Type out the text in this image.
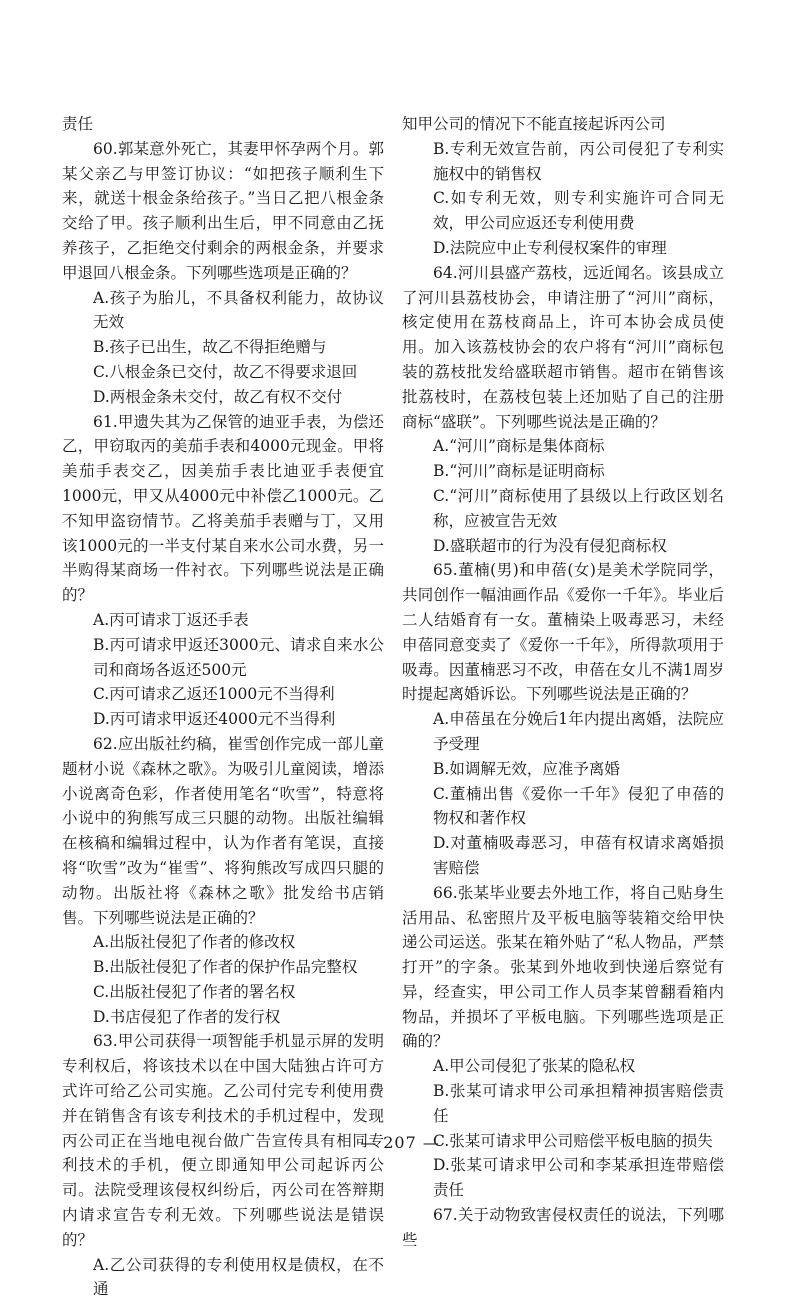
责任

60.郭某意外死亡，其妻甲怀孕两个月。郭某父亲乙与甲签订协议：“如把孩子顺利生下来，就送十根金条给孩子。”当日乙把八根金条交给了甲。孩子顺利出生后，甲不同意由乙抚养孩子，乙拒绝交付剩余的两根金条，并要求甲退回八根金条。下列哪些选项是正确的？

A.孩子为胎儿，不具备权利能力，故协议无效

B.孩子已出生，故乙不得拒绝赠与

C.八根金条已交付，故乙不得要求退回

D.两根金条未交付，故乙有权不交付

61.甲遗失其为乙保管的迪亚手表，为偿还乙，甲窃取丙的美茄手表和4000元现金。甲将美茄手表交乙，因美茄手表比迪亚手表便宜1000元，甲又从4000元中补偿乙1000元。乙不知甲盗窃情节。乙将美茄手表赠与丁，又用该1000元的一半支付某自来水公司水费，另一半购得某商场一件衬衣。下列哪些说法是正确的？

A.丙可请求丁返还手表

B.丙可请求甲返还3000元、请求自来水公司和商场各返还500元

C.丙可请求乙返还1000元不当得利

D.丙可请求甲返还4000元不当得利

62.应出版社约稿，崔雪创作完成一部儿童题材小说《森林之歌》。为吸引儿童阅读，增添小说离奇色彩，作者使用笔名“吹雪”，特意将小说中的狗熊写成三只腿的动物。出版社编辑在核稿和编辑过程中，认为作者有笔误，直接将“吹雪”改为“崔雪”、将狗熊改写成四只腿的动物。出版社将《森林之歌》批发给书店销售。下列哪些说法是正确的？

A.出版社侵犯了作者的修改权

B.出版社侵犯了作者的保护作品完整权

C.出版社侵犯了作者的署名权

D.书店侵犯了作者的发行权

63.甲公司获得一项智能手机显示屏的发明专利权后，将该技术以在中国大陆独占许可方式许可给乙公司实施。乙公司付完专利使用费并在销售含有该专利技术的手机过程中，发现丙公司正在当地电视台做广告宣传具有相同专利技术的手机，便立即通知甲公司起诉丙公司。法院受理该侵权纠纷后，丙公司在答辩期内请求宣告专利无效。下列哪些说法是错误的？

A.乙公司获得的专利使用权是债权，在不通

知甲公司的情况下不能直接起诉丙公司

B.专利无效宣告前，丙公司侵犯了专利实施权中的销售权

C.如专利无效，则专利实施许可合同无效，甲公司应返还专利使用费

D.法院应中止专利侵权案件的审理

64.河川县盛产荔枝，远近闻名。该县成立了河川县荔枝协会，申请注册了“河川”商标，核定使用在荔枝商品上，许可本协会成员使用。加入该荔枝协会的农户将有“河川”商标包装的荔枝批发给盛联超市销售。超市在销售该批荔枝时，在荔枝包装上还加贴了自己的注册商标“盛联”。下列哪些说法是正确的？

A.“河川”商标是集体商标

B.“河川”商标是证明商标

C.“河川”商标使用了县级以上行政区划名称，应被宣告无效

D.盛联超市的行为没有侵犯商标权

65.董楠(男)和申蓓(女)是美术学院同学，共同创作一幅油画作品《爱你一千年》。毕业后二人结婚育有一女。董楠染上吸毒恶习，未经申蓓同意变卖了《爱你一千年》，所得款项用于吸毒。因董楠恶习不改，申蓓在女儿不满1周岁时提起离婚诉讼。下列哪些说法是正确的？

A.申蓓虽在分娩后1年内提出离婚，法院应予受理

B.如调解无效，应准予离婚

C.董楠出售《爱你一千年》侵犯了申蓓的物权和著作权

D.对董楠吸毒恶习，申蓓有权请求离婚损害赔偿

66.张某毕业要去外地工作，将自己贴身生活用品、私密照片及平板电脑等装箱交给甲快递公司运送。张某在箱外贴了“私人物品，严禁打开”的字条。张某到外地收到快递后察觉有异，经查实，甲公司工作人员李某曾翻看箱内物品，并损坏了平板电脑。下列哪些选项是正确的？

A.甲公司侵犯了张某的隐私权

B.张某可请求甲公司承担精神损害赔偿责任

C.张某可请求甲公司赔偿平板电脑的损失

D.张某可请求甲公司和李某承担连带赔偿责任

67.关于动物致害侵权责任的说法，下列哪些

— 207 —
